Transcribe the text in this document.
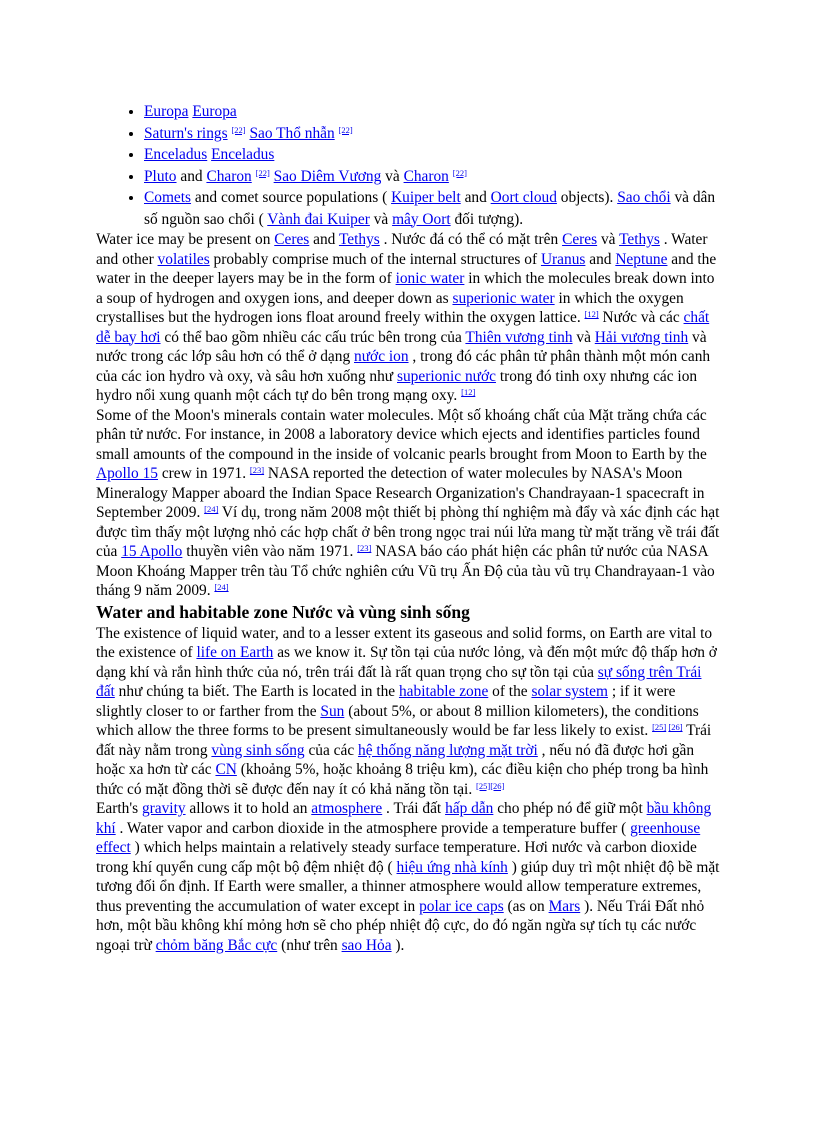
• Europa Europa
• Saturn's rings [22] Sao Thổ nhẫn [22]
• Enceladus Enceladus
• Pluto and Charon [22] Sao Diêm Vương và Charon [22]
• Comets and comet source populations ( Kuiper belt and Oort cloud objects). Sao chổi và dân số nguồn sao chổi ( Vành đai Kuiper và mây Oort đối tượng).

Water ice may be present on Ceres and Tethys . Nước đá có thể có mặt trên Ceres và Tethys . Water and other volatiles probably comprise much of the internal structures of Uranus and Neptune and the water in the deeper layers may be in the form of ionic water in which the molecules break down into a soup of hydrogen and oxygen ions, and deeper down as superionic water in which the oxygen crystallises but the hydrogen ions float around freely within the oxygen lattice. [12] Nước và các chất dễ bay hơi có thể bao gồm nhiều các cấu trúc bên trong của Thiên vương tinh và Hải vương tinh và nước trong các lớp sâu hơn có thể ở dạng nước ion , trong đó các phân tử phân thành một món canh của các ion hydro và oxy, và sâu hơn xuống như superionic nước trong đó tinh oxy nhưng các ion hydro nổi xung quanh một cách tự do bên trong mạng oxy. [12]

Some of the Moon's minerals contain water molecules. Một số khoáng chất của Mặt trăng chứa các phân tử nước. For instance, in 2008 a laboratory device which ejects and identifies particles found small amounts of the compound in the inside of volcanic pearls brought from Moon to Earth by the Apollo 15 crew in 1971. [23] NASA reported the detection of water molecules by NASA's Moon Mineralogy Mapper aboard the Indian Space Research Organization's Chandrayaan-1 spacecraft in September 2009. [24] Ví dụ, trong năm 2008 một thiết bị phòng thí nghiệm mà đẩy và xác định các hạt được tìm thấy một lượng nhỏ các hợp chất ở bên trong ngọc trai núi lửa mang từ mặt trăng về trái đất của 15 Apollo thuyền viên vào năm 1971. [23] NASA báo cáo phát hiện các phân tử nước của NASA Moon Khoáng Mapper trên tàu Tổ chức nghiên cứu Vũ trụ Ấn Độ của tàu vũ trụ Chandrayaan-1 vào tháng 9 năm 2009. [24]

Water and habitable zone Nước và vùng sinh sống

The existence of liquid water, and to a lesser extent its gaseous and solid forms, on Earth are vital to the existence of life on Earth as we know it. Sự tồn tại của nước lỏng, và đến một mức độ thấp hơn ở dạng khí và rắn hình thức của nó, trên trái đất là rất quan trọng cho sự tồn tại của sự sống trên Trái đất như chúng ta biết. The Earth is located in the habitable zone of the solar system ; if it were slightly closer to or farther from the Sun (about 5%, or about 8 million kilometers), the conditions which allow the three forms to be present simultaneously would be far less likely to exist. [25] [26] Trái đất này nằm trong vùng sinh sống của các hệ thống năng lượng mặt trời , nếu nó đã được hơi gần hoặc xa hơn từ các CN (khoảng 5%, hoặc khoảng 8 triệu km), các điều kiện cho phép trong ba hình thức có mặt đồng thời sẽ được đến nay ít có khả năng tồn tại. [25][26]

Earth's gravity allows it to hold an atmosphere . Trái đất hấp dẫn cho phép nó để giữ một bầu không khí . Water vapor and carbon dioxide in the atmosphere provide a temperature buffer ( greenhouse effect ) which helps maintain a relatively steady surface temperature. Hơi nước và carbon dioxide trong khí quyển cung cấp một bộ đệm nhiệt độ ( hiệu ứng nhà kính ) giúp duy trì một nhiệt độ bề mặt tương đối ổn định. If Earth were smaller, a thinner atmosphere would allow temperature extremes, thus preventing the accumulation of water except in polar ice caps (as on Mars ). Nếu Trái Đất nhỏ hơn, một bầu không khí mỏng hơn sẽ cho phép nhiệt độ cực, do đó ngăn ngừa sự tích tụ các nước ngoại trừ chỏm băng Bắc cực (như trên sao Hỏa ).
